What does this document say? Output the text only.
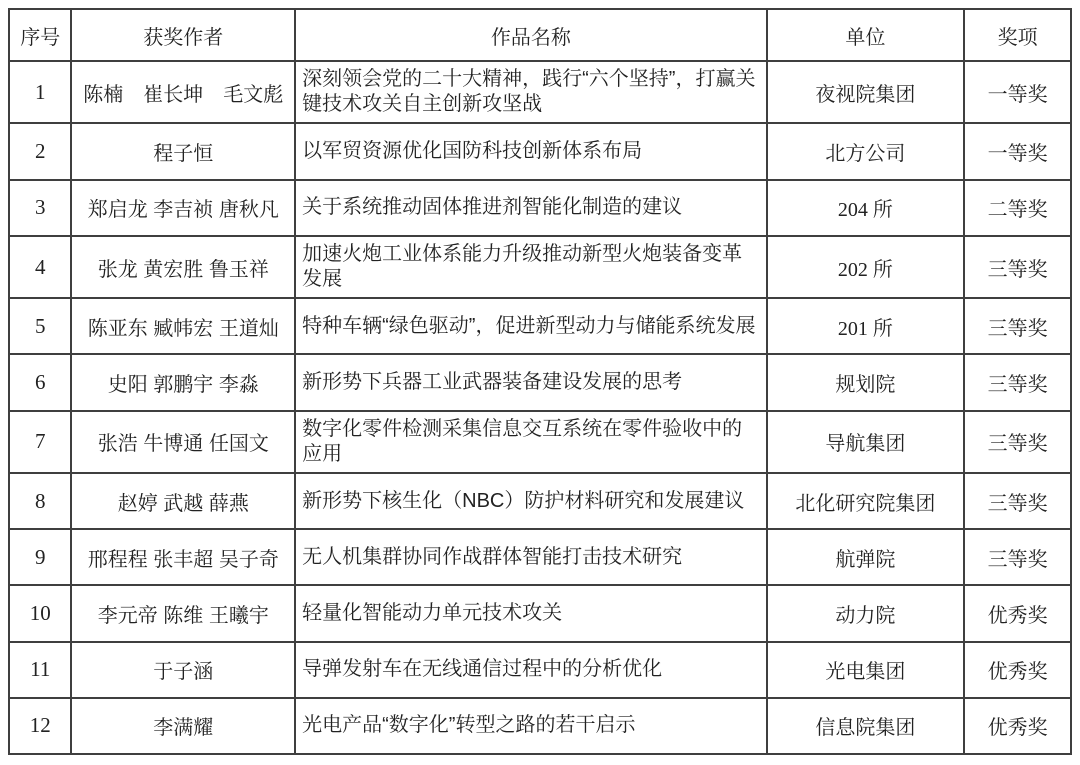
序号	获奖作者	作品名称	单位	奖项
1	陈楠　崔长坤　毛文彪	深刻领会党的二十大精神，践行“六个坚持”，打赢关键技术攻关自主创新攻坚战	夜视院集团	一等奖
2	程子恒	以军贸资源优化国防科技创新体系布局	北方公司	一等奖
3	郑启龙 李吉祯 唐秋凡	关于系统推动固体推进剂智能化制造的建议	204 所	二等奖
4	张龙 黄宏胜 鲁玉祥	加速火炮工业体系能力升级推动新型火炮装备变革发展	202 所	三等奖
5	陈亚东 臧帏宏 王道灿	特种车辆“绿色驱动”，促进新型动力与储能系统发展	201 所	三等奖
6	史阳 郭鹏宇 李淼	新形势下兵器工业武器装备建设发展的思考	规划院	三等奖
7	张浩 牛博通 任国文	数字化零件检测采集信息交互系统在零件验收中的应用	导航集团	三等奖
8	赵婷 武越 薛燕	新形势下核生化（NBC）防护材料研究和发展建议	北化研究院集团	三等奖
9	邢程程 张丰超 吴子奇	无人机集群协同作战群体智能打击技术研究	航弹院	三等奖
10	李元帝 陈维 王曦宇	轻量化智能动力单元技术攻关	动力院	优秀奖
11	于子涵	导弹发射车在无线通信过程中的分析优化	光电集团	优秀奖
12	李满耀	光电产品“数字化”转型之路的若干启示	信息院集团	优秀奖
